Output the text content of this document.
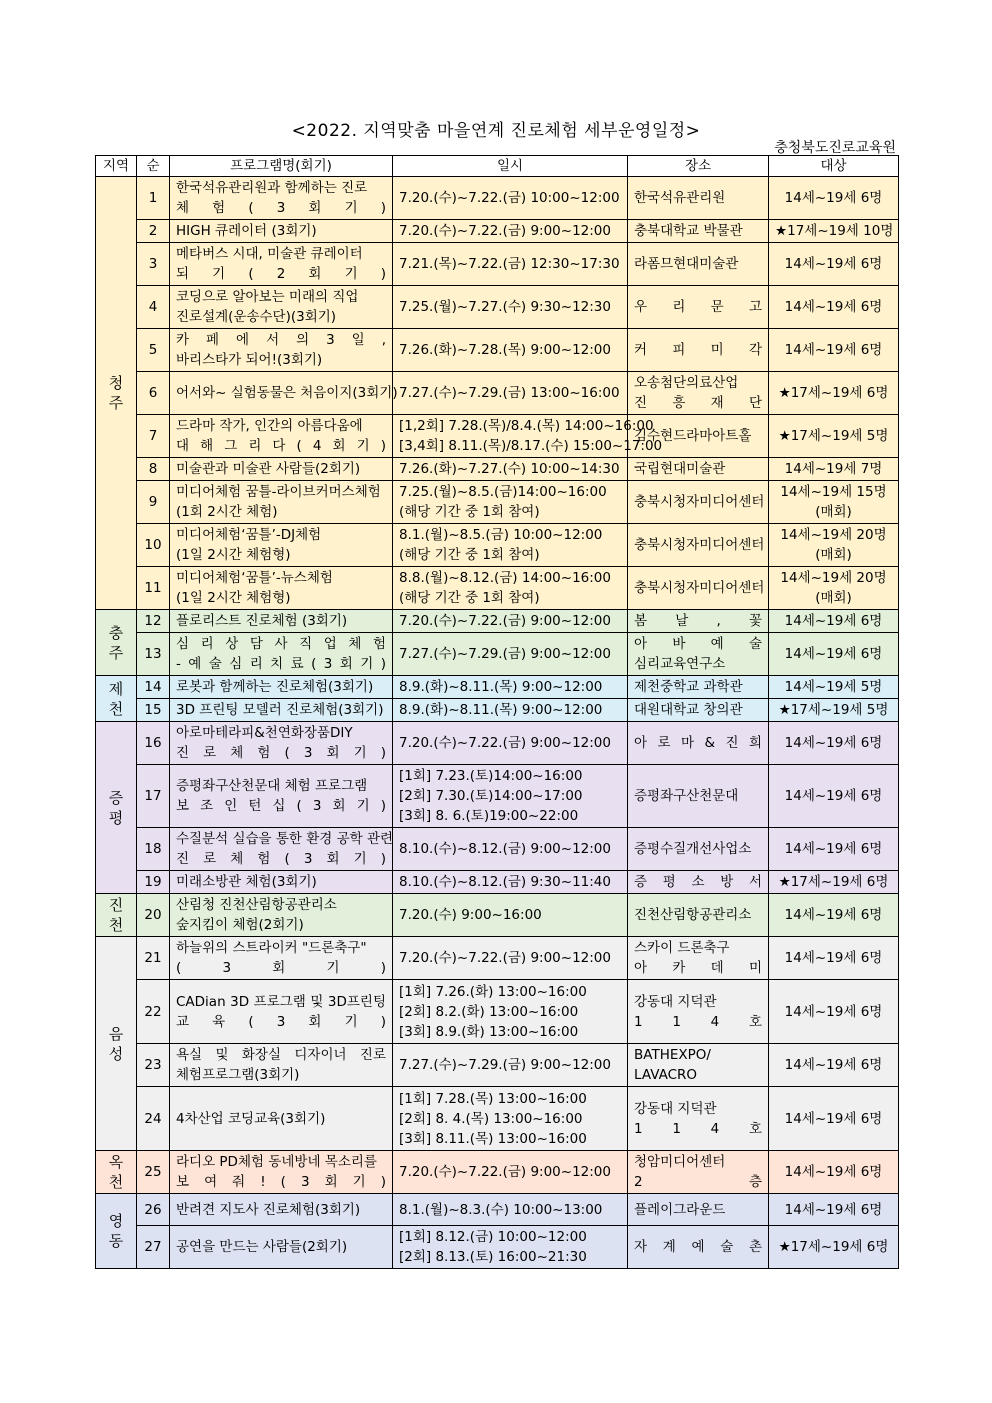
<2022. 지역맞춤 마을연계 진로체험 세부운영일정>
충청북도진로교육원
지역	순	프로그램명(회기)	일시	장소	대상
청주	1	한국석유관리원과 함께하는 진로
체 험 ( 3 회 기 )	7.20.(수)~7.22.(금) 10:00~12:00	한국석유관리원	14세~19세 6명

	2	HIGH 큐레이터 (3회기)	7.20.(수)~7.22.(금) 9:00~12:00	충북대학교 박물관	★17세~19세 10명

	3	메타버스 시대, 미술관 큐레이터
되 기 ( 2 회 기 )	7.21.(목)~7.22.(금) 12:30~17:30	라폼므현대미술관	14세~19세 6명

	4	코딩으로 알아보는 미래의 직업
진로설계(운송수단)(3회기)	7.25.(월)~7.27.(수) 9:30~12:30	우 리 문 고	14세~19세 6명

	5	카 페 에 서 의 3 일 ,
바리스타가 되어!(3회기)	7.26.(화)~7.28.(목) 9:00~12:00	커 피 미 각	14세~19세 6명

	6	어서와~ 실험동물은 처음이지(3회기)	7.27.(수)~7.29.(금) 13:00~16:00	오송첨단의료산업
진 흥 재 단	★17세~19세 6명

	7	드라마 작가, 인간의 아름다움에
대 해 그 리 다 ( 4 회 기 )	[1,2회] 7.28.(목)/8.4.(목) 14:00~16:00
[3,4회] 8.11.(목)/8.17.(수) 15:00~17:00	김수현드라마아트홀	★17세~19세 5명

	8	미술관과 미술관 사람들(2회기)	7.26.(화)~7.27.(수) 10:00~14:30	국립현대미술관	14세~19세 7명

	9	미디어체험 꿈틀-라이브커머스체험
(1회 2시간 체험)	7.25.(월)~8.5.(금)14:00~16:00
(해당 기간 중 1회 참여)	충북시청자미디어센터	14세~19세 15명
(매회)

	10	미디어체험‘꿈틀’-DJ체험
(1일 2시간 체험형)	8.1.(월)~8.5.(금) 10:00~12:00
(해당 기간 중 1회 참여)	충북시청자미디어센터	14세~19세 20명
(매회)

	11	미디어체험‘꿈틀’-뉴스체험
(1일 2시간 체험형)	8.8.(월)~8.12.(금) 14:00~16:00
(해당 기간 중 1회 참여)	충북시청자미디어센터	14세~19세 20명
(매회)

충주	12	플로리스트 진로체험 (3회기)	7.20.(수)~7.22.(금) 9:00~12:00	봄 날 , 꽃	14세~19세 6명

	13	심 리 상 담 사 직 업 체 험
- 예 술 심 리 치 료 ( 3 회 기 )	7.27.(수)~7.29.(금) 9:00~12:00	아 바 예 술
심리교육연구소	14세~19세 6명

제천	14	로봇과 함께하는 진로체험(3회기)	8.9.(화)~8.11.(목) 9:00~12:00	제천중학교 과학관	14세~19세 5명

	15	3D 프린팅 모델러 진로체험(3회기)	8.9.(화)~8.11.(목) 9:00~12:00	대원대학교 창의관	★17세~19세 5명

증평	16	아로마테라피&천연화장품DIY
진 로 체 험 ( 3 회 기 )	7.20.(수)~7.22.(금) 9:00~12:00	아 로 마 & 진 희	14세~19세 6명

	17	증평좌구산천문대 체험 프로그램
보 조 인 턴 십 ( 3 회 기 )	[1회] 7.23.(토)14:00~16:00
[2회] 7.30.(토)14:00~17:00
[3회] 8. 6.(토)19:00~22:00	증평좌구산천문대	14세~19세 6명

	18	수질분석 실습을 통한 환경 공학 관련
진 로 체 험 ( 3 회 기 )	8.10.(수)~8.12.(금) 9:00~12:00	증평수질개선사업소	14세~19세 6명

	19	미래소방관 체험(3회기)	8.10.(수)~8.12.(금) 9:30~11:40	증 평 소 방 서	★17세~19세 6명

진천	20	산림청 진천산림항공관리소
숲지킴이 체험(2회기)	7.20.(수) 9:00~16:00	진천산림항공관리소	14세~19세 6명

음성	21	하늘위의 스트라이커 "드론축구"
( 3 회 기 )	7.20.(수)~7.22.(금) 9:00~12:00	스카이 드론축구
아 카 데 미	14세~19세 6명

	22	CADian 3D 프로그램 및 3D프린팅
교 육 ( 3 회 기 )	[1회] 7.26.(화) 13:00~16:00
[2회] 8.2.(화) 13:00~16:00
[3회] 8.9.(화) 13:00~16:00	강동대 지덕관
1 1 4 호	14세~19세 6명

	23	욕실 및 화장실 디자이너 진로
체험프로그램(3회기)	7.27.(수)~7.29.(금) 9:00~12:00	BATHEXPO/
LAVACRO	14세~19세 6명

	24	4차산업 코딩교육(3회기)	[1회] 7.28.(목) 13:00~16:00
[2회] 8. 4.(목) 13:00~16:00
[3회] 8.11.(목) 13:00~16:00	강동대 지덕관
1 1 4 호	14세~19세 6명

옥천	25	라디오 PD체험 동네방네 목소리를
보 여 줘 ! ( 3 회 기 )	7.20.(수)~7.22.(금) 9:00~12:00	청암미디어센터
2 층	14세~19세 6명

영동	26	반려견 지도사 진로체험(3회기)	8.1.(월)~8.3.(수) 10:00~13:00	플레이그라운드	14세~19세 6명

	27	공연을 만드는 사람들(2회기)	[1회] 8.12.(금) 10:00~12:00
[2회] 8.13.(토) 16:00~21:30	자 계 예 술 촌	★17세~19세 6명
